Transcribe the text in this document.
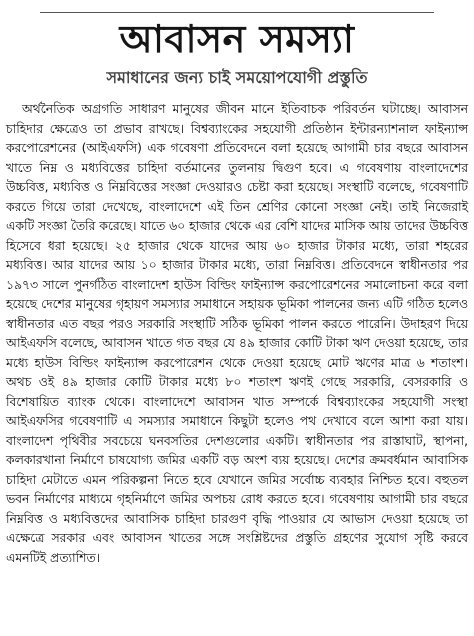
আবাসন সমস্যা
সমাধানের জন্য চাই সময়োপযোগী প্রস্তুতি

অর্থনৈতিক অগ্রগতি সাধারণ মানুষের জীবন মানে ইতিবাচক পরিবর্তন ঘটাচ্ছে। আবাসন চাহিদার ক্ষেত্রেও তা প্রভাব রাখছে। বিশ্বব্যাংকের সহযোগী প্রতিষ্ঠান ইন্টারন্যাশনাল ফাইন্যান্স করপোরেশনের (আইএফসি) এক গবেষণা প্রতিবেদনে বলা হয়েছে আগামী চার বছরে আবাসন খাতে নিম্ন ও মধ্যবিত্তের চাহিদা বর্তমানের তুলনায় দ্বিগুণ হবে। এ গবেষণায় বাংলাদেশের উচ্চবিত্ত, মধ্যবিত্ত ও নিম্নবিত্তের সংজ্ঞা দেওয়ারও চেষ্টা করা হয়েছে। সংস্থাটি বলেছে, গবেষণাটি করতে গিয়ে তারা দেখেছে, বাংলাদেশে এই তিন শ্রেণির কোনো সংজ্ঞা নেই। তাই নিজেরাই একটি সংজ্ঞা তৈরি করেছে। যাতে ৬০ হাজার থেকে এর বেশি যাদের মাসিক আয় তাদের উচ্চবিত্ত হিসেবে ধরা হয়েছে। ২৫ হাজার থেকে যাদের আয় ৬০ হাজার টাকার মধ্যে, তারা শহরের মধ্যবিত্ত। আর যাদের আয় ১০ হাজার টাকার মধ্যে, তারা নিম্নবিত্ত। প্রতিবেদনে স্বাধীনতার পর ১৯৭৩ সালে পুনর্গঠিত বাংলাদেশ হাউস বিল্ডিং ফাইন্যান্স করপোরেশনের সমালোচনা করে বলা হয়েছে দেশের মানুষের গৃহায়ণ সমস্যার সমাধানে সহায়ক ভূমিকা পালনের জন্য এটি গঠিত হলেও স্বাধীনতার এত বছর পরও সরকারি সংস্থাটি সঠিক ভূমিকা পালন করতে পারেনি। উদাহরণ দিয়ে আইএফসি বলেছে, আবাসন খাতে গত বছর যে ৪৯ হাজার কোটি টাকা ঋণ দেওয়া হয়েছে, তার মধ্যে হাউস বিল্ডিং ফাইন্যান্স করপোরেশন থেকে দেওয়া হয়েছে মোট ঋণের মাত্র ৬ শতাংশ। অথচ ওই ৪৯ হাজার কোটি টাকার মধ্যে ৮০ শতাংশ ঋণই গেছে সরকারি, বেসরকারি ও বিশেষায়িত ব্যাংক থেকে। বাংলাদেশে আবাসন খাত সম্পর্কে বিশ্বব্যাংকের সহযোগী সংস্থা আইএফসির গবেষণাটি এ সমস্যার সমাধানে কিছুটা হলেও পথ দেখাবে বলে আশা করা যায়। বাংলাদেশ পৃথিবীর সবচেয়ে ঘনবসতির দেশগুলোর একটি। স্বাধীনতার পর রাস্তাঘাট, স্থাপনা, কলকারখানা নির্মাণে চাষযোগ্য জমির একটি বড় অংশ ব্যয় হয়েছে। দেশের ক্রমবর্ধমান আবাসিক চাহিদা মেটাতে এমন পরিকল্পনা নিতে হবে যেখানে জমির সর্বোচ্চ ব্যবহার নিশ্চিত হবে। বহুতল ভবন নির্মাণের মাধ্যমে গৃহনির্মাণে জমির অপচয় রোধ করতে হবে। গবেষণায় আগামী চার বছরে নিম্নবিত্ত ও মধ্যবিত্তদের আবাসিক চাহিদা চারগুণ বৃদ্ধি পাওয়ার যে আভাস দেওয়া হয়েছে তা এক্ষেত্রে সরকার এবং আবাসন খাতের সঙ্গে সংশ্লিষ্টদের প্রস্তুতি গ্রহণের সুযোগ সৃষ্টি করবে এমনটিই প্রত্যাশিত।
